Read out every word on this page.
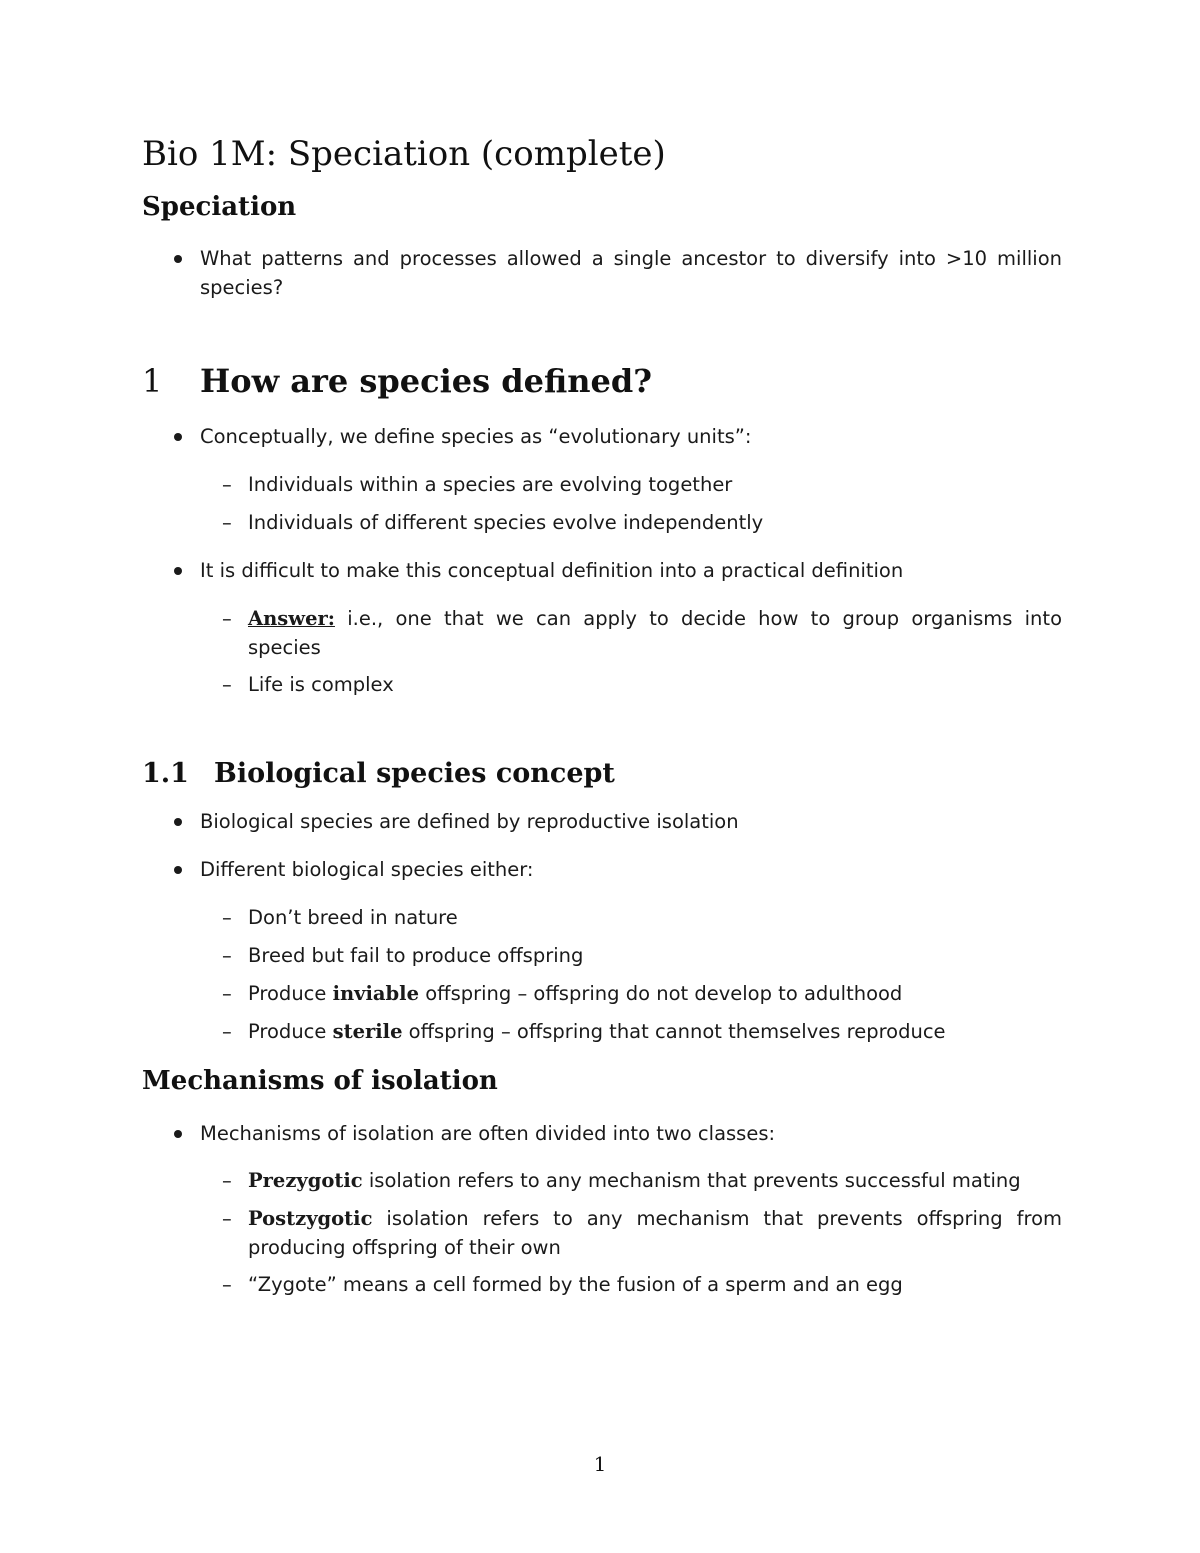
Bio 1M: Speciation (complete)
Speciation
What patterns and processes allowed a single ancestor to diversify into >10 million species?
1 How are species defined?
Conceptually, we define species as “evolutionary units”:
– Individuals within a species are evolving together
– Individuals of different species evolve independently
It is difficult to make this conceptual definition into a practical definition
– Answer: i.e., one that we can apply to decide how to group organisms into species
– Life is complex
1.1 Biological species concept
Biological species are defined by reproductive isolation
Different biological species either:
– Don’t breed in nature
– Breed but fail to produce offspring
– Produce inviable offspring – offspring do not develop to adulthood
– Produce sterile offspring – offspring that cannot themselves reproduce
Mechanisms of isolation
Mechanisms of isolation are often divided into two classes:
– Prezygotic isolation refers to any mechanism that prevents successful mating
– Postzygotic isolation refers to any mechanism that prevents offspring from producing offspring of their own
– “Zygote” means a cell formed by the fusion of a sperm and an egg
1
